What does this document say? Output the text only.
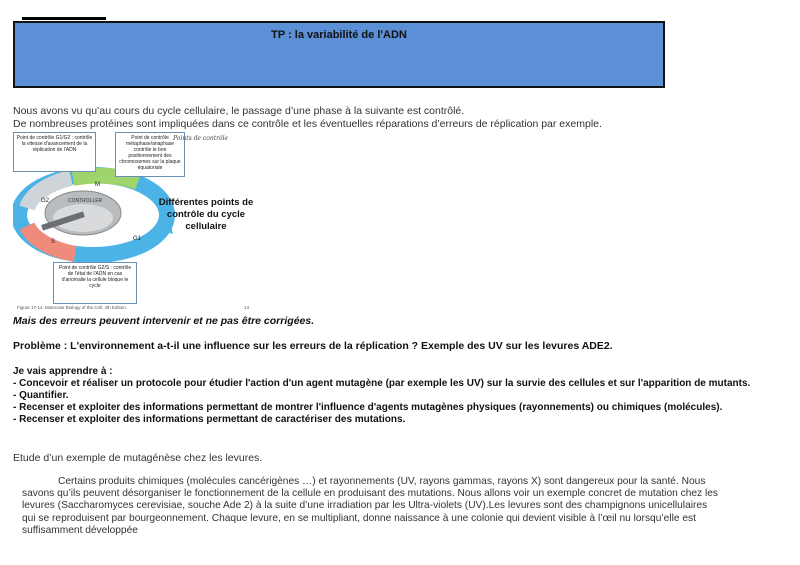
TP : la variabilité de l'ADN

Nous avons vu qu’au cours du cycle cellulaire, le passage d’une phase à la suivante est contrôlé.

De nombreuses protéines sont impliquées dans ce contrôle et les éventuelles réparations d’erreurs de réplication par exemple.

M
G2
S	G1
CONTROLLER
Point de contrôle G1/G2 : contrôle la vitesse d'avancement de la réplication de l'ADN
Point de contrôle métaphase/anaphase contrôle le bon positionnement des chromosomes sur la plaque équatoriale
Point de contrôle G2/S : contrôle de l'état de l'ADN en cas d'anomalie la cellule bloque le cycle
Points de contrôle
Différentes points de contrôle du cycle cellulaire
Figure 17-14. Molecular Biology of the Cell, 4th Edition.	14
Mais des erreurs peuvent intervenir et ne pas être corrigées.
Problème : L'environnement a-t-il une influence sur les erreurs de la réplication ? Exemple des UV sur les levures ADE2.
Je vais apprendre à :
- Concevoir et réaliser un protocole pour étudier l'action d'un agent mutagène (par exemple les UV) sur la survie des cellules et sur l'apparition de mutants.
- Quantifier.
- Recenser et exploiter des informations permettant de montrer l'influence d'agents mutagènes physiques (rayonnements) ou chimiques (molécules).
- Recenser et exploiter des informations permettant de caractériser des mutations.
Etude d’un exemple de mutagénèse chez les levures.
Certains produits chimiques (molécules cancérigènes …) et rayonnements (UV, rayons gammas, rayons X) sont dangereux pour la santé. Nous savons qu’ils peuvent désorganiser le fonctionnement de la cellule en produisant des mutations. Nous allons voir un exemple concret de mutation chez les levures (Saccharomyces cerevisiae, souche Ade 2) à la suite d’une irradiation par les Ultra-violets (UV).Les levures sont des champignons unicellulaires qui se reproduisent par bourgeonnement. Chaque levure, en se multipliant, donne naissance à une colonie qui devient visible à l’œil nu lorsqu’elle est suffisamment développée
